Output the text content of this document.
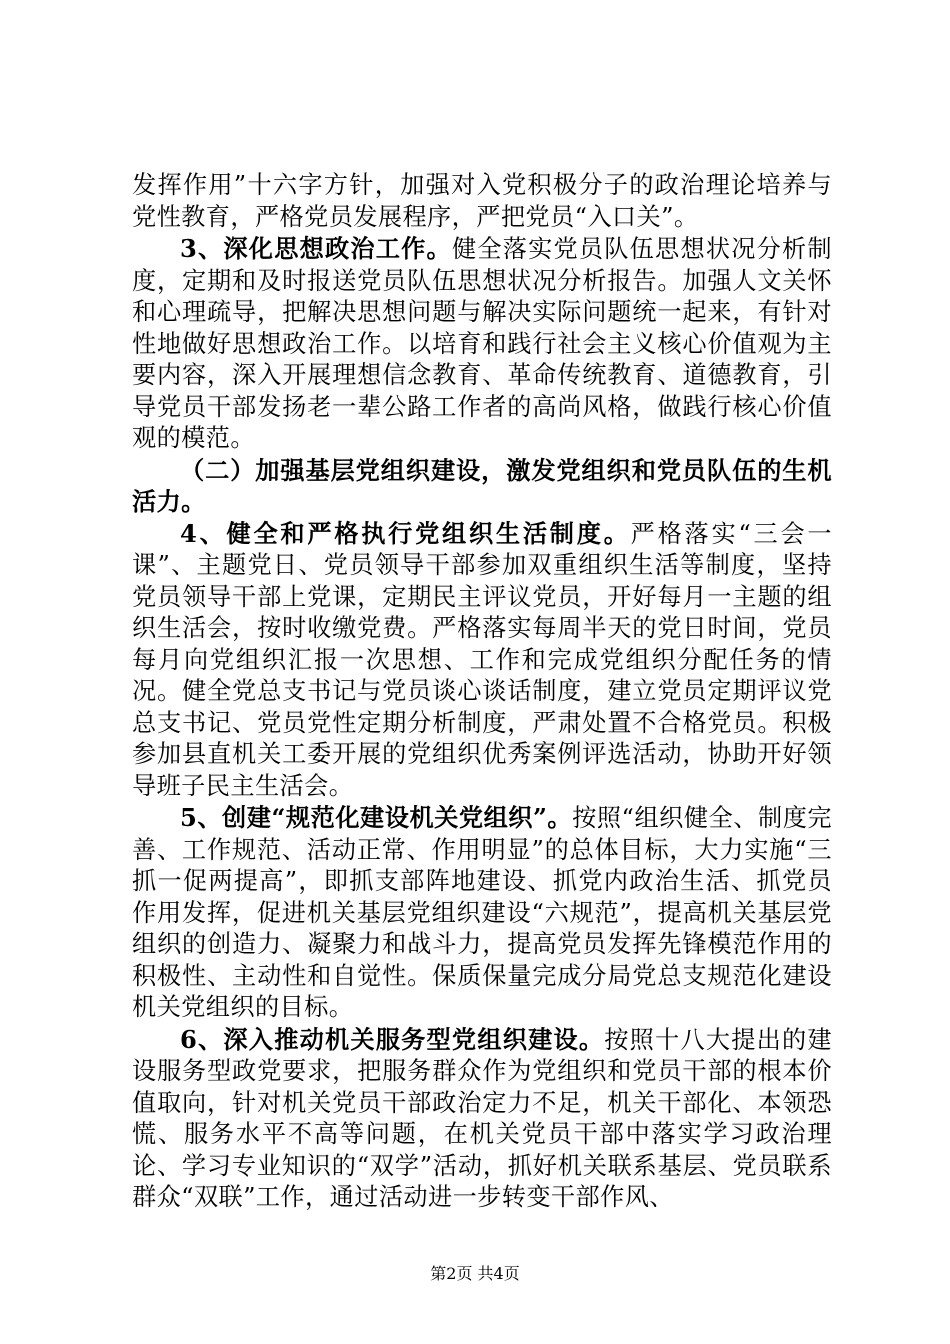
发挥作用”十六字方针，加强对入党积极分子的政治理论培养与党性教育，严格党员发展程序，严把党员“入口关”。

3、深化思想政治工作。健全落实党员队伍思想状况分析制度，定期和及时报送党员队伍思想状况分析报告。加强人文关怀和心理疏导，把解决思想问题与解决实际问题统一起来，有针对性地做好思想政治工作。以培育和践行社会主义核心价值观为主要内容，深入开展理想信念教育、革命传统教育、道德教育，引导党员干部发扬老一辈公路工作者的高尚风格，做践行核心价值观的模范。

（二）加强基层党组织建设，激发党组织和党员队伍的生机活力。

4、健全和严格执行党组织生活制度。严格落实“三会一课”、主题党日、党员领导干部参加双重组织生活等制度，坚持党员领导干部上党课，定期民主评议党员，开好每月一主题的组织生活会，按时收缴党费。严格落实每周半天的党日时间，党员每月向党组织汇报一次思想、工作和完成党组织分配任务的情况。健全党总支书记与党员谈心谈话制度，建立党员定期评议党总支书记、党员党性定期分析制度，严肃处置不合格党员。积极参加县直机关工委开展的党组织优秀案例评选活动，协助开好领导班子民主生活会。

5、创建“规范化建设机关党组织”。按照“组织健全、制度完善、工作规范、活动正常、作用明显”的总体目标，大力实施“三抓一促两提高”，即抓支部阵地建设、抓党内政治生活、抓党员作用发挥，促进机关基层党组织建设“六规范”，提高机关基层党组织的创造力、凝聚力和战斗力，提高党员发挥先锋模范作用的积极性、主动性和自觉性。保质保量完成分局党总支规范化建设机关党组织的目标。

6、深入推动机关服务型党组织建设。按照十八大提出的建设服务型政党要求，把服务群众作为党组织和党员干部的根本价值取向，针对机关党员干部政治定力不足，机关干部化、本领恐慌、服务水平不高等问题，在机关党员干部中落实学习政治理论、学习专业知识的“双学”活动，抓好机关联系基层、党员联系群众“双联”工作，通过活动进一步转变干部作风、

第2页 共4页
